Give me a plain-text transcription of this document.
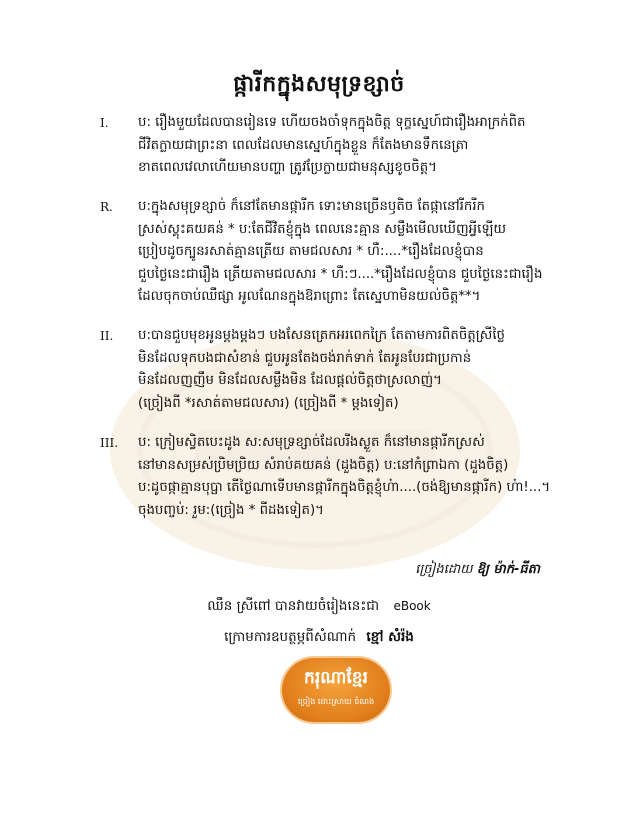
ផ្ការីកក្នុងសមុទ្រខ្សាច់
I.	ប: រឿងមួយដែលបានរៀនទេ ហើយចងចាំទុកក្នុងចិត្ត ទុក្ខស្នេហ៍ជារឿងអាក្រក់ពិត
ជីវិតក្លាយជាព្រះនា ពេលដែលមានស្នេហ៍ក្នុងខ្លួន ក៏តែងមានទឹកនេត្រា
ខាតពេលវេលាហើយមានបញ្ហា ត្រូវប្រែក្លាយជាមនុស្សខូចចិត្ត។
R.	ប:ក្នុងសមុទ្រខ្សាច់ ក៏នៅតែមានផ្ការីក ទោះមានច្រើនឫតិច តែផ្កានៅរីករីក
ស្រស់ស្គុះគយគន់ * ប:តែជីវិតខ្ញុំក្នុង ពេលនេះគ្មាន សម្លឹងមើលឃើញអ្វីឡើយ
ប្រៀបដូចក្បូនរសាត់គ្មានត្រើយ តាមជលសារ * ហឺ:....*រឿងដែលខ្ញុំបាន
ជួបថ្ងៃនេះជារឿង ត្រើយតាមជលសារ * ហឺ:ៗ....*រឿងដែលខ្ញុំបាន ជួបថ្ងៃនេះជារឿង
ដែលចុកចាប់ឈឺផ្សា អូលណែនក្នុងឱរាព្រោះ តែស្នេហាមិនយល់ចិត្ត**។
II.	ប:បានជួបមុខអូនម្តងម្តងៗ បងសែនត្រេកអរពេកក្រៃ តែតាមការពិតចិត្តស្រីថ្លៃ
មិនដែលទុកបងជាសំខាន់ ជួបអូនតែងចង់រាក់ទាក់ តែអូនបែរជាប្រកាន់
មិនដែលញញឹម មិនដែលសម្លឹងមិន ដែលផ្តល់ចិត្តថាស្រលាញ់។
(ច្រៀងពី *រសាត់តាមជលសារ) (ច្រៀងពី * ម្តងទៀត)
III.	ប: ក្រៀមស្វិតបេះដូង ស:សមុទ្រខ្សាច់ដែលរីងស្ងួត ក៏នៅមានផ្ការីកស្រស់
នៅមានសម្រស់ប្រិមប្រិយ សំរាប់គយគន់ (ដួងចិត្ត) ប:នៅកំព្រាឯកា (ដួងចិត្ត)
ប:ដូចផ្កាគ្មានបុប្ផា តើថ្ងៃណាទើបមានផ្ការីកក្នុងចិត្តខ្ញុំហ៎ា....(ចង់ឱ្យមានផ្ការីក) ហ៎ា!...។
ចុងបញ្ចប់: រួម:(ច្រៀង * ពីដងទៀត)។
ច្រៀងដោយ ឱ្យ ម៉ាក់-ធីតា
ឈឹន ស្រីពៅ បានវាយចំរៀងនេះជា eBook
ក្រោមការឧបត្ថម្ភពីសំណាក់ ខ្មៅ សំរ៉ង
ករុណាខ្មែរ
ច្រៀង ដោះស្រាយ ចំណង
